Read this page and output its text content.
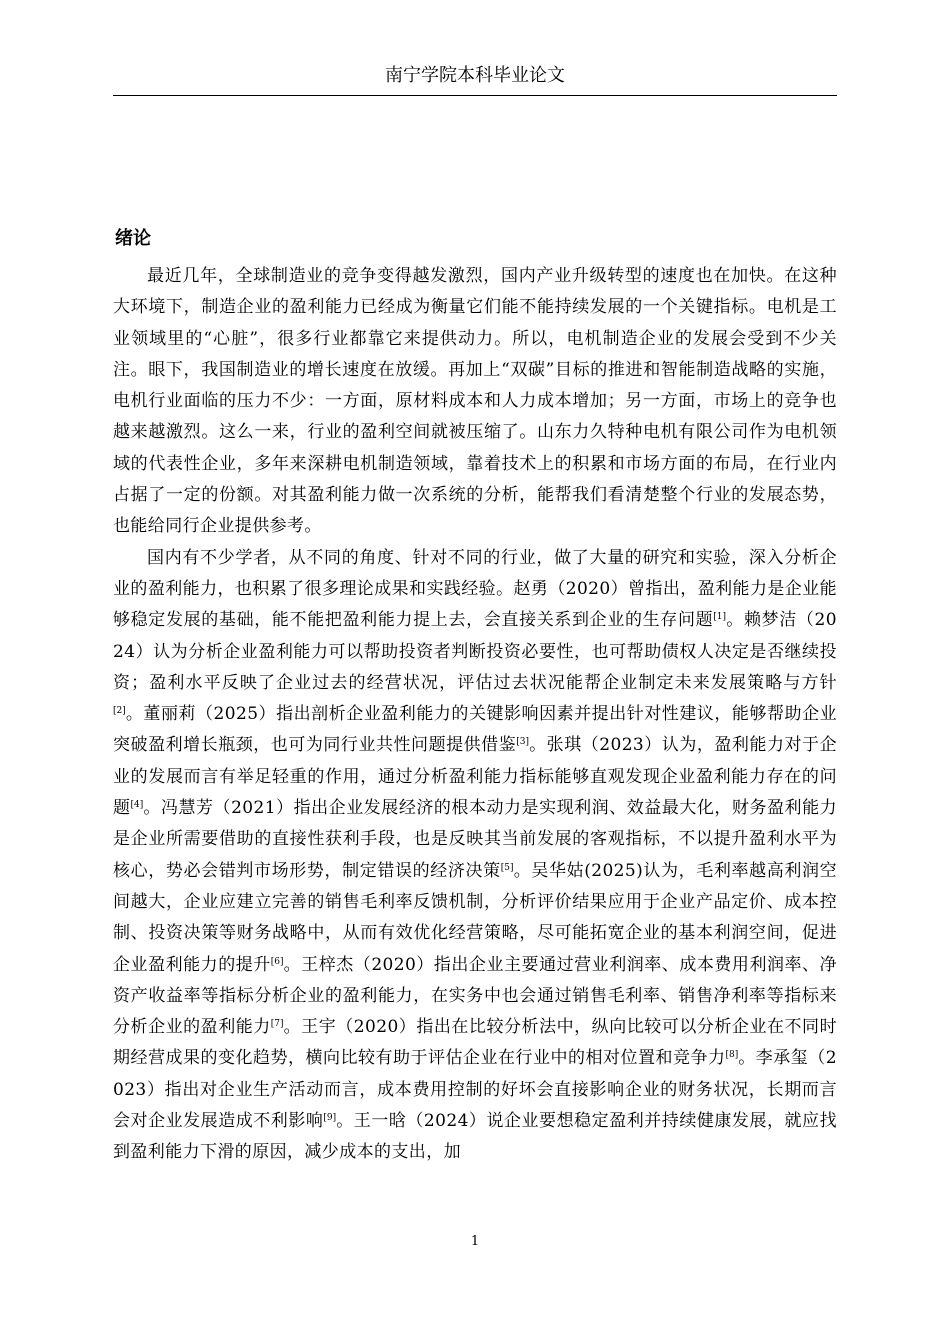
南宁学院本科毕业论文
绪论

最近几年，全球制造业的竞争变得越发激烈，国内产业升级转型的速度也在加快。在这种大环境下，制造企业的盈利能力已经成为衡量它们能不能持续发展的一个关键指标。电机是工业领域里的“心脏”，很多行业都靠它来提供动力。所以，电机制造企业的发展会受到不少关注。眼下，我国制造业的增长速度在放缓。再加上“双碳”目标的推进和智能制造战略的实施，电机行业面临的压力不少：一方面，原材料成本和人力成本增加；另一方面，市场上的竞争也越来越激烈。这么一来，行业的盈利空间就被压缩了。山东力久特种电机有限公司作为电机领域的代表性企业，多年来深耕电机制造领域，靠着技术上的积累和市场方面的布局，在行业内占据了一定的份额。对其盈利能力做一次系统的分析，能帮我们看清楚整个行业的发展态势，也能给同行企业提供参考。

国内有不少学者，从不同的角度、针对不同的行业，做了大量的研究和实验，深入分析企业的盈利能力，也积累了很多理论成果和实践经验。赵勇（2020）曾指出，盈利能力是企业能够稳定发展的基础，能不能把盈利能力提上去，会直接关系到企业的生存问题[1]。赖梦洁（2024）认为分析企业盈利能力可以帮助投资者判断投资必要性，也可帮助债权人决定是否继续投资；盈利水平反映了企业过去的经营状况，评估过去状况能帮企业制定未来发展策略与方针[2]。董丽莉（2025）指出剖析企业盈利能力的关键影响因素并提出针对性建议，能够帮助企业突破盈利增长瓶颈，也可为同行业共性问题提供借鉴[3]。张琪（2023）认为，盈利能力对于企业的发展而言有举足轻重的作用，通过分析盈利能力指标能够直观发现企业盈利能力存在的问题[4]。冯慧芳（2021）指出企业发展经济的根本动力是实现利润、效益最大化，财务盈利能力是企业所需要借助的直接性获利手段，也是反映其当前发展的客观指标，不以提升盈利水平为核心，势必会错判市场形势，制定错误的经济决策[5]。吴华姑(2025)认为，毛利率越高利润空间越大，企业应建立完善的销售毛利率反馈机制，分析评价结果应用于企业产品定价、成本控制、投资决策等财务战略中，从而有效优化经营策略，尽可能拓宽企业的基本利润空间，促进企业盈利能力的提升[6]。王梓杰（2020）指出企业主要通过营业利润率、成本费用利润率、净资产收益率等指标分析企业的盈利能力，在实务中也会通过销售毛利率、销售净利率等指标来分析企业的盈利能力[7]。王宇（2020）指出在比较分析法中，纵向比较可以分析企业在不同时期经营成果的变化趋势，横向比较有助于评估企业在行业中的相对位置和竞争力[8]。李承玺（2023）指出对企业生产活动而言，成本费用控制的好坏会直接影响企业的财务状况，长期而言会对企业发展造成不利影响[9]。王一晗（2024）说企业要想稳定盈利并持续健康发展，就应找到盈利能力下滑的原因，减少成本的支出，加

1
